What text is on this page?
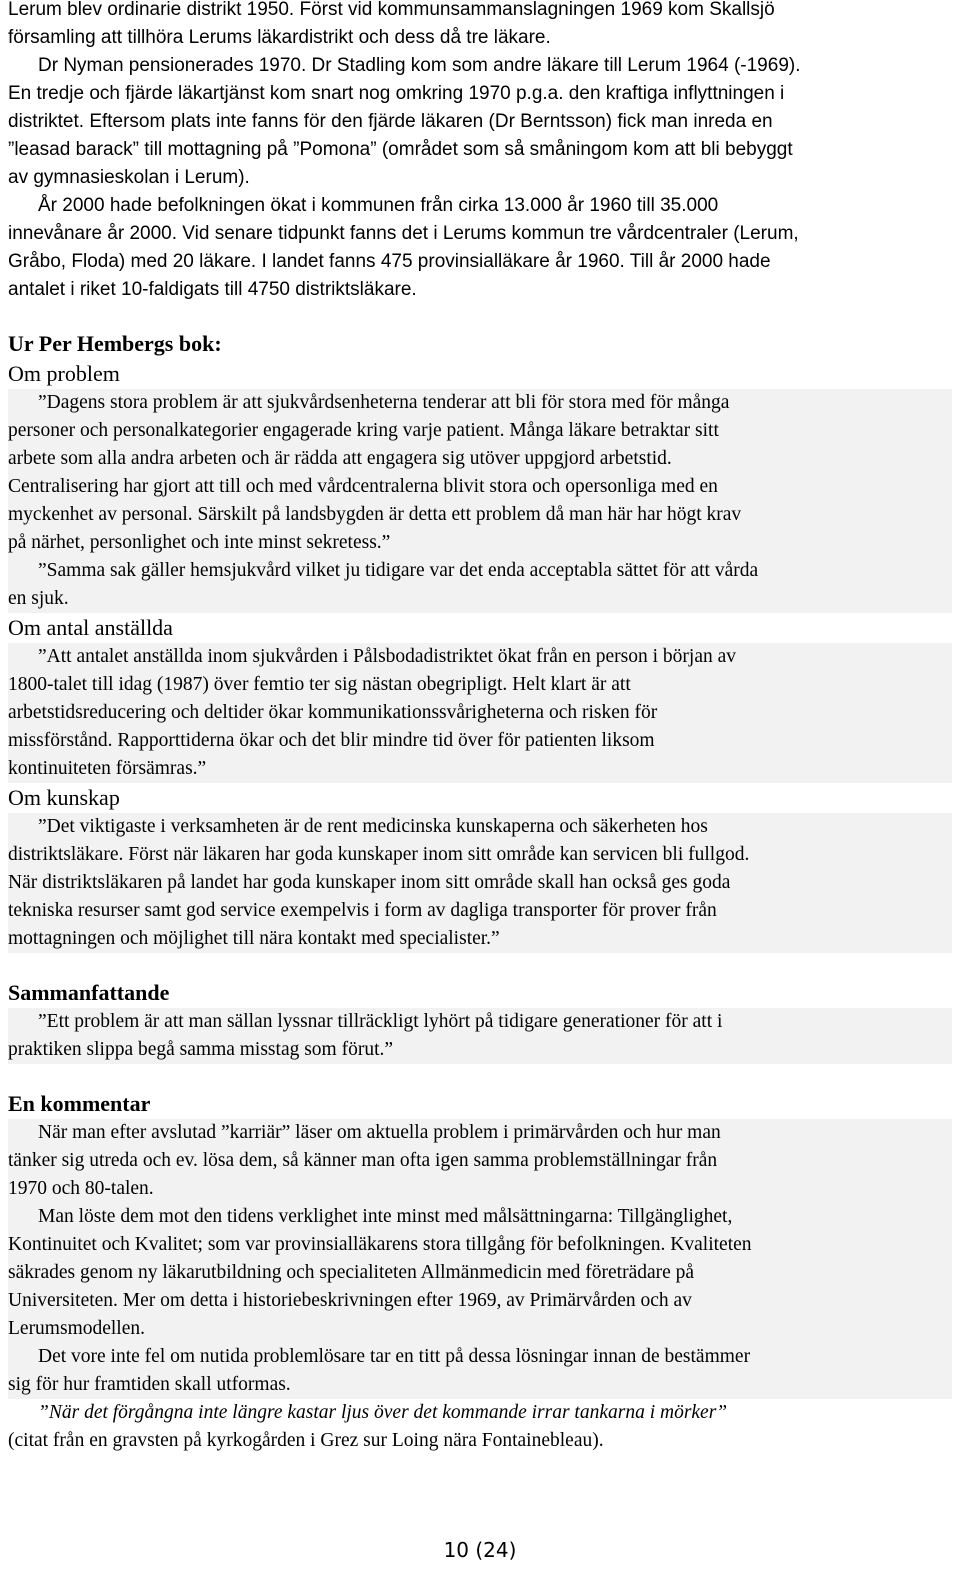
Lerum blev ordinarie distrikt 1950. Först vid kommunsammanslagningen 1969 kom Skallsjö

församling att tillhöra Lerums läkardistrikt och dess då tre läkare.

Dr Nyman pensionerades 1970. Dr Stadling kom som andre läkare till Lerum 1964 (-1969).

En tredje och fjärde läkartjänst kom snart nog omkring 1970 p.g.a. den kraftiga inflyttningen i

distriktet. Eftersom plats inte fanns för den fjärde läkaren (Dr Berntsson) fick man inreda en

”leasad barack” till mottagning på ”Pomona” (området som så småningom kom att bli bebyggt

av gymnasieskolan i Lerum).

År 2000 hade befolkningen ökat i kommunen från cirka 13.000 år 1960 till 35.000

innevånare år 2000. Vid senare tidpunkt fanns det i Lerums kommun tre vårdcentraler (Lerum,

Gråbo, Floda) med 20 läkare. I landet fanns 475 provinsialläkare år 1960. Till år 2000 hade

antalet i riket 10-faldigats till 4750 distriktsläkare.

Ur Per Hembergs bok:

Om problem

”Dagens stora problem är att sjukvårdsenheterna tenderar att bli för stora med för många

personer och personalkategorier engagerade kring varje patient. Många läkare betraktar sitt

arbete som alla andra arbeten och är rädda att engagera sig utöver uppgjord arbetstid.

Centralisering har gjort att till och med vårdcentralerna blivit stora och opersonliga med en

myckenhet av personal. Särskilt på landsbygden är detta ett problem då man här har högt krav

på närhet, personlighet och inte minst sekretess.”

”Samma sak gäller hemsjukvård vilket ju tidigare var det enda acceptabla sättet för att vårda

en sjuk.

Om antal anställda

”Att antalet anställda inom sjukvården i Pålsbodadistriktet ökat från en person i början av

1800-talet till idag (1987) över femtio ter sig nästan obegripligt. Helt klart är att

arbetstidsreducering och deltider ökar kommunikationssvårigheterna och risken för

missförstånd. Rapporttiderna ökar och det blir mindre tid över för patienten liksom

kontinuiteten försämras.”

Om kunskap

”Det viktigaste i verksamheten är de rent medicinska kunskaperna och säkerheten hos

distriktsläkare. Först när läkaren har goda kunskaper inom sitt område kan servicen bli fullgod.

När distriktsläkaren på landet har goda kunskaper inom sitt område skall han också ges goda

tekniska resurser samt god service exempelvis i form av dagliga transporter för prover från

mottagningen och möjlighet till nära kontakt med specialister.”

Sammanfattande

”Ett problem är att man sällan lyssnar tillräckligt lyhört på tidigare generationer för att i

praktiken slippa begå samma misstag som förut.”

En kommentar

När man efter avslutad ”karriär” läser om aktuella problem i primärvården och hur man

tänker sig utreda och ev. lösa dem, så känner man ofta igen samma problemställningar från

1970 och 80-talen.

Man löste dem mot den tidens verklighet inte minst med målsättningarna: Tillgänglighet,

Kontinuitet och Kvalitet; som var provinsialläkarens stora tillgång för befolkningen. Kvaliteten

säkrades genom ny läkarutbildning och specialiteten Allmänmedicin med företrädare på

Universiteten. Mer om detta i historiebeskrivningen efter 1969, av Primärvården och av

Lerumsmodellen.

Det vore inte fel om nutida problemlösare tar en titt på dessa lösningar innan de bestämmer

sig för hur framtiden skall utformas.

”När det förgångna inte längre kastar ljus över det kommande irrar tankarna i mörker”

(citat från en gravsten på kyrkogården i Grez sur Loing nära Fontainebleau).

10 (24)
